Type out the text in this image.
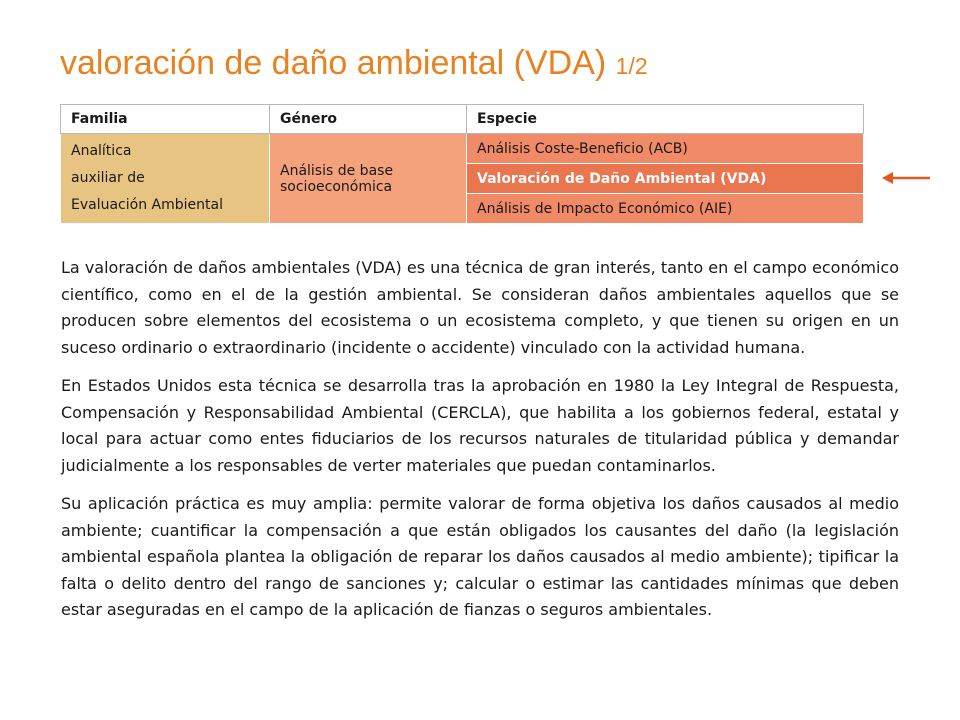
valoración de daño ambiental (VDA) 1/2
Familia	Género	Especie

Analítica
auxiliar de
Evaluación Ambiental	Análisis de base socioeconómica	Análisis Coste-Beneficio (ACB)
		Valoración de Daño Ambiental (VDA)
		Análisis de Impacto Económico (AIE)

La valoración de daños ambientales (VDA) es una técnica de gran interés, tanto en el campo económico científico, como en el de la gestión ambiental. Se consideran daños ambientales aquellos que se producen sobre elementos del ecosistema o un ecosistema completo, y que tienen su origen en un suceso ordinario o extraordinario (incidente o accidente) vinculado con la actividad humana.

En Estados Unidos esta técnica se desarrolla tras la aprobación en 1980 la Ley Integral de Respuesta, Compensación y Responsabilidad Ambiental (CERCLA), que habilita a los gobiernos federal, estatal y local para actuar como entes fiduciarios de los recursos naturales de titularidad pública y demandar judicialmente a los responsables de verter materiales que puedan contaminarlos.

Su aplicación práctica es muy amplia: permite valorar de forma objetiva los daños causados al medio ambiente; cuantificar la compensación a que están obligados los causantes del daño (la legislación ambiental española plantea la obligación de reparar los daños causados al medio ambiente); tipificar la falta o delito dentro del rango de sanciones y; calcular o estimar las cantidades mínimas que deben estar aseguradas en el campo de la aplicación de fianzas o seguros ambientales.
